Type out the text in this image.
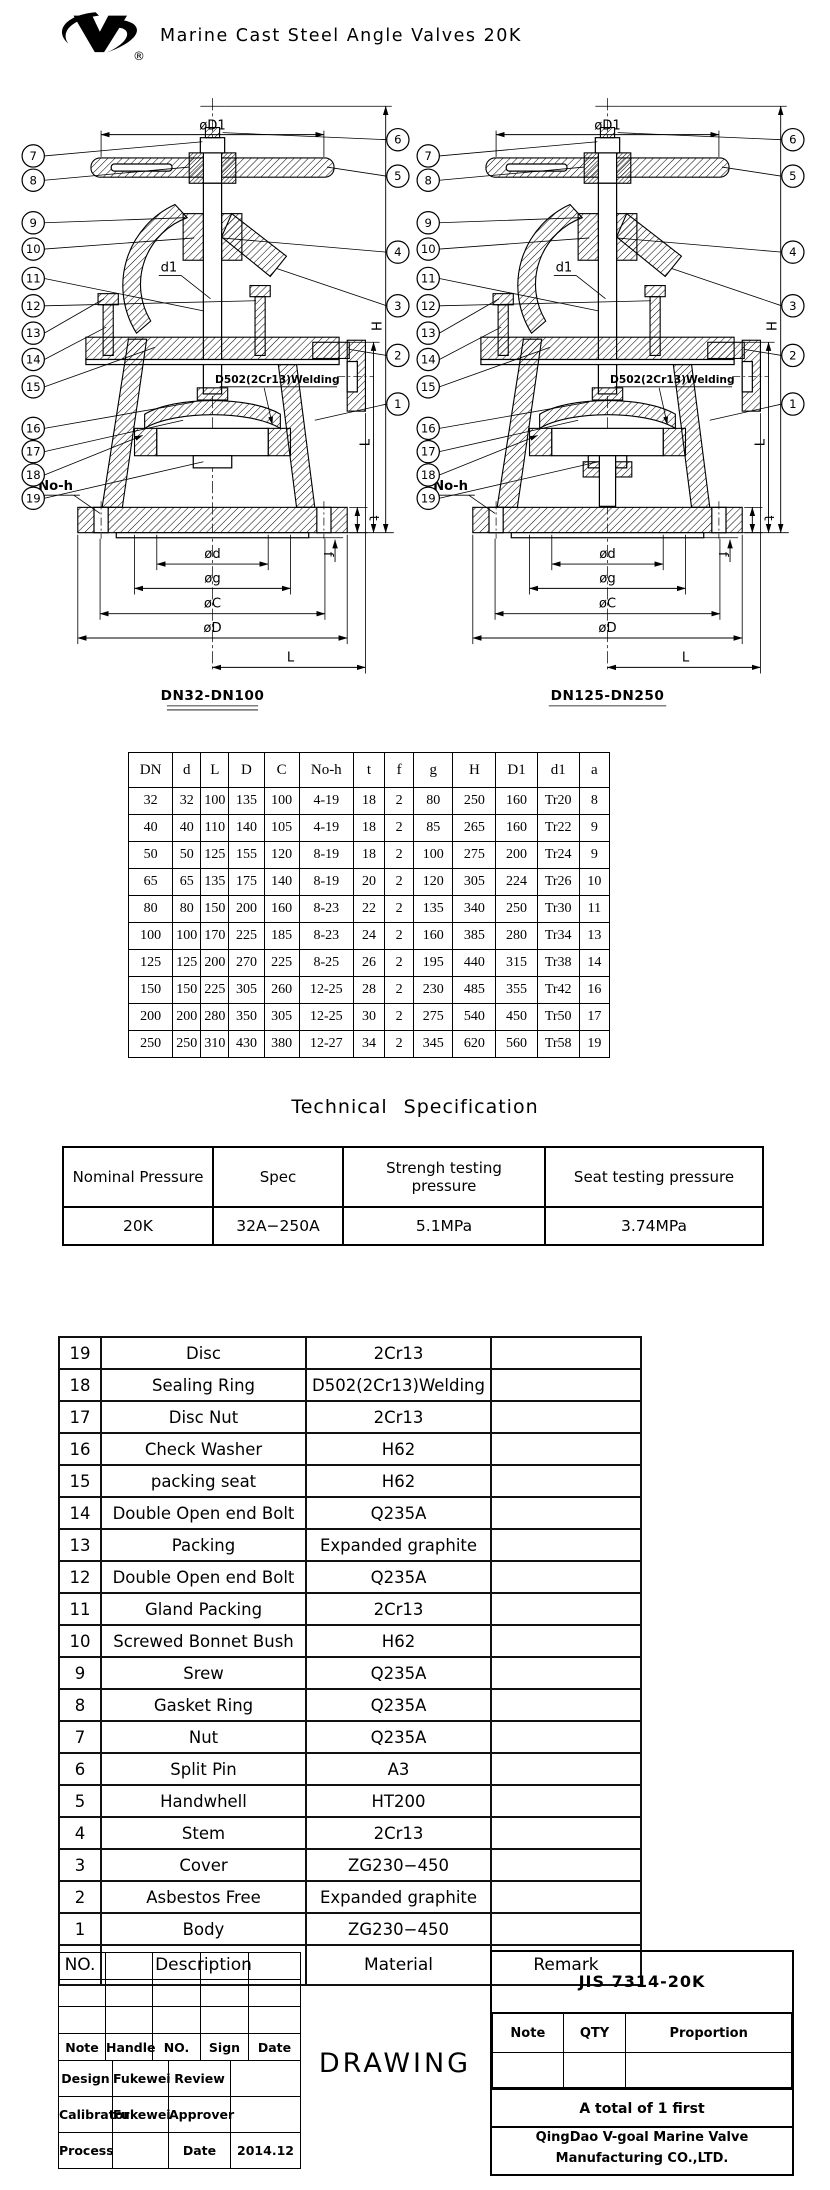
®
Marine Cast Steel Angle Valves 20K
DN32-DN100	DN125-DN250
DN	d	L	D	C	No-h	t	f	g	H	D1	d1	a
32	32	100	135	100	4-19	18	2	80	250	160	Tr20	8
40	40	110	140	105	4-19	18	2	85	265	160	Tr22	9
50	50	125	155	120	8-19	18	2	100	275	200	Tr24	9
65	65	135	175	140	8-19	20	2	120	305	224	Tr26	10
80	80	150	200	160	8-23	22	2	135	340	250	Tr30	11
100	100	170	225	185	8-23	24	2	160	385	280	Tr34	13
125	125	200	270	225	8-25	26	2	195	440	315	Tr38	14
150	150	225	305	260	12-25	28	2	230	485	355	Tr42	16
200	200	280	350	305	12-25	30	2	275	540	450	Tr50	17
250	250	310	430	380	12-27	34	2	345	620	560	Tr58	19
Technical Specification
Nominal Pressure	Spec	Strengh testing pressure	Seat testing pressure
20K	32A−250A	5.1MPa	3.74MPa
19	Disc	2Cr13	
18	Sealing Ring	D502(2Cr13)Welding	
17	Disc Nut	2Cr13	
16	Check Washer	H62	
15	packing seat	H62	
14	Double Open end Bolt	Q235A	
13	Packing	Expanded graphite	
12	Double Open end Bolt	Q235A	
11	Gland Packing	2Cr13	
10	Screwed Bonnet Bush	H62	
9	Srew	Q235A	
8	Gasket Ring	Q235A	
7	Nut	Q235A	
6	Split Pin	A3	
5	Handwhell	HT200	
4	Stem	2Cr13	
3	Cover	ZG230−450	
2	Asbestos Free	Expanded graphite	
1	Body	ZG230−450	
NO.	Description	Material	Remark

Note	Handle	NO.	Sign	Date
Design	Fukewei	Review	
Calibrator	Fukewei	Approver	
Process		Date	2014.12
DRAWING
JIS 7314-20K
Note	QTY	Proportion

A total of 1 first
QingDao V-goal Marine Valve
Manufacturing CO.,LTD.
